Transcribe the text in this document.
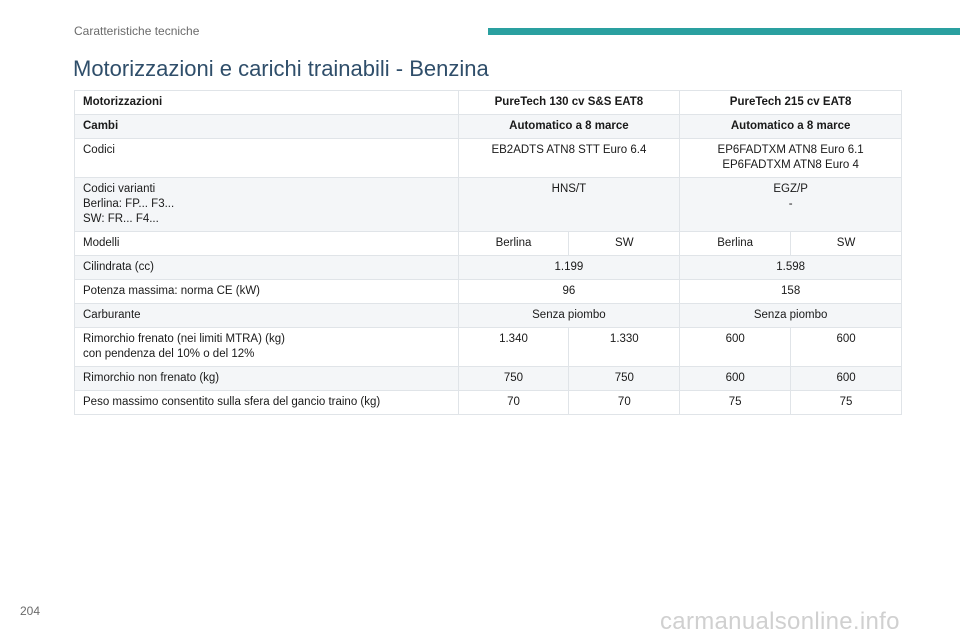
Caratteristiche tecniche
Motorizzazioni e carichi trainabili - Benzina
Motorizzazioni	PureTech 130 cv S&S EAT8		PureTech 215 cv EAT8	
Cambi	Automatico a 8 marce		Automatico a 8 marce	
Codici	EB2ADTS ATN8 STT Euro 6.4		EP6FADTXM ATN8 Euro 6.1
EP6FADTXM ATN8 Euro 4	
Codici varianti
Berlina: FP... F3...
SW: FR... F4...	HNS/T		EGZ/P
-	
Modelli	Berlina	SW	Berlina	SW
Cilindrata (cc)	1.199		1.598	
Potenza massima: norma CE (kW)	96		158	
Carburante	Senza piombo		Senza piombo	
Rimorchio frenato (nei limiti MTRA) (kg)
con pendenza del 10% o del 12%	1.340	1.330	600	600
Rimorchio non frenato (kg)	750	750	600	600
Peso massimo consentito sulla sfera del gancio traino (kg)	70	70	75	75
204	carmanualsonline.info
